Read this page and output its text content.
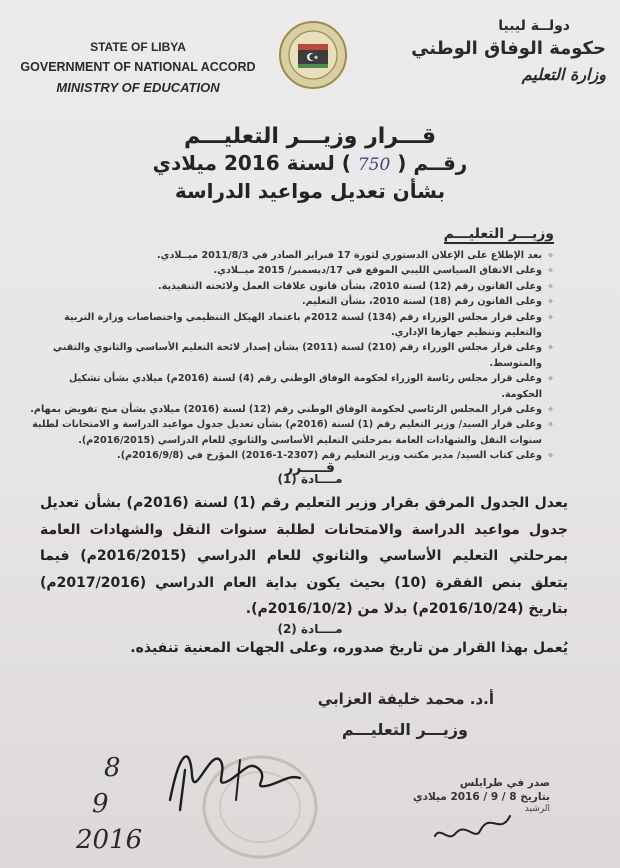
STATE OF LIBYA
GOVERNMENT OF NATIONAL ACCORD
MINISTRY OF EDUCATION
دولــة ليبيا
حكومة الوفاق الوطني
وزارة التعليم
قـــرار وزيـــر التعليـــم
رقــم ( 750 ) لسنة 2016 ميلادي
بشأن تعديل مواعيد الدراسة
وزيـــر التعليـــم
✧ بعد الإطلاع على الإعلان الدستوري لثورة 17 فبراير الصادر في 2011/8/3 ميــلادي.
✧ وعلى الاتفاق السياسي الليبي الموقع في 17/ديسمبر/ 2015 ميــلادي.
✧ وعلى القانون رقم (12) لسنة 2010، بشأن قانون علاقات العمل ولائحته التنفيذية.
✧ وعلى القانون رقم (18) لسنة 2010، بشأن التعليم.
✧ وعلى قرار مجلس الوزراء رقم (134) لسنة 2012م باعتماد الهيكل التنظيمي واختصاصات وزارة التربية والتعليم وتنظيم جهازها الإداري.
✧ وعلى قرار مجلس الوزراء رقم (210) لسنة (2011) بشأن إصدار لائحة التعليم الأساسي والثانوي والتقني والمتوسط.
✧ وعلى قرار مجلس رئاسة الوزراء لحكومة الوفاق الوطني رقم (4) لسنة (2016م) ميلادي بشأن تشكيل الحكومة.
✧ وعلى قرار المجلس الرئاسي لحكومة الوفاق الوطني رقم (12) لسنة (2016) ميلادي بشأن منح تفويض بمهام.
✧ وعلى قرار السيد/ وزير التعليم رقم (1) لسنة (2016م) بشأن تعديل جدول مواعيد الدراسة و الامتحانات لطلبة سنوات النقل والشهادات العامة بمرحلتي التعليم الأساسي والثانوي للعام الدراسي (2016/2015م).
✧ وعلى كتاب السيد/ مدير مكتب وزير التعليم رقم (2307-1-2016) المؤرخ في (2016/9/8م).
قـــــرر
مــــادة (1)
يعدل الجدول المرفق بقرار وزير التعليم رقم (1) لسنة (2016م) بشأن تعديل جدول مواعيد الدراسة والامتحانات لطلبة سنوات النقل والشهادات العامة بمرحلتي التعليم الأساسي والثانوي للعام الدراسي (2016/2015م) فيما يتعلق بنص الفقرة (10) بحيث يكون بداية العام الدراسي (2017/2016م) بتاريخ (2016/10/24م) بدلا من (2016/10/2م).
مــــادة (2)
يُعمل بهذا القرار من تاريخ صدوره، وعلى الجهات المعنية تنفيذه.
أ.د. محمد خليفة العزابي
وزيـــر التعليـــم
8
9
2016
صدر في طرابلس
بتاريخ 8 / 9 / 2016 ميلادي
الرشيد
